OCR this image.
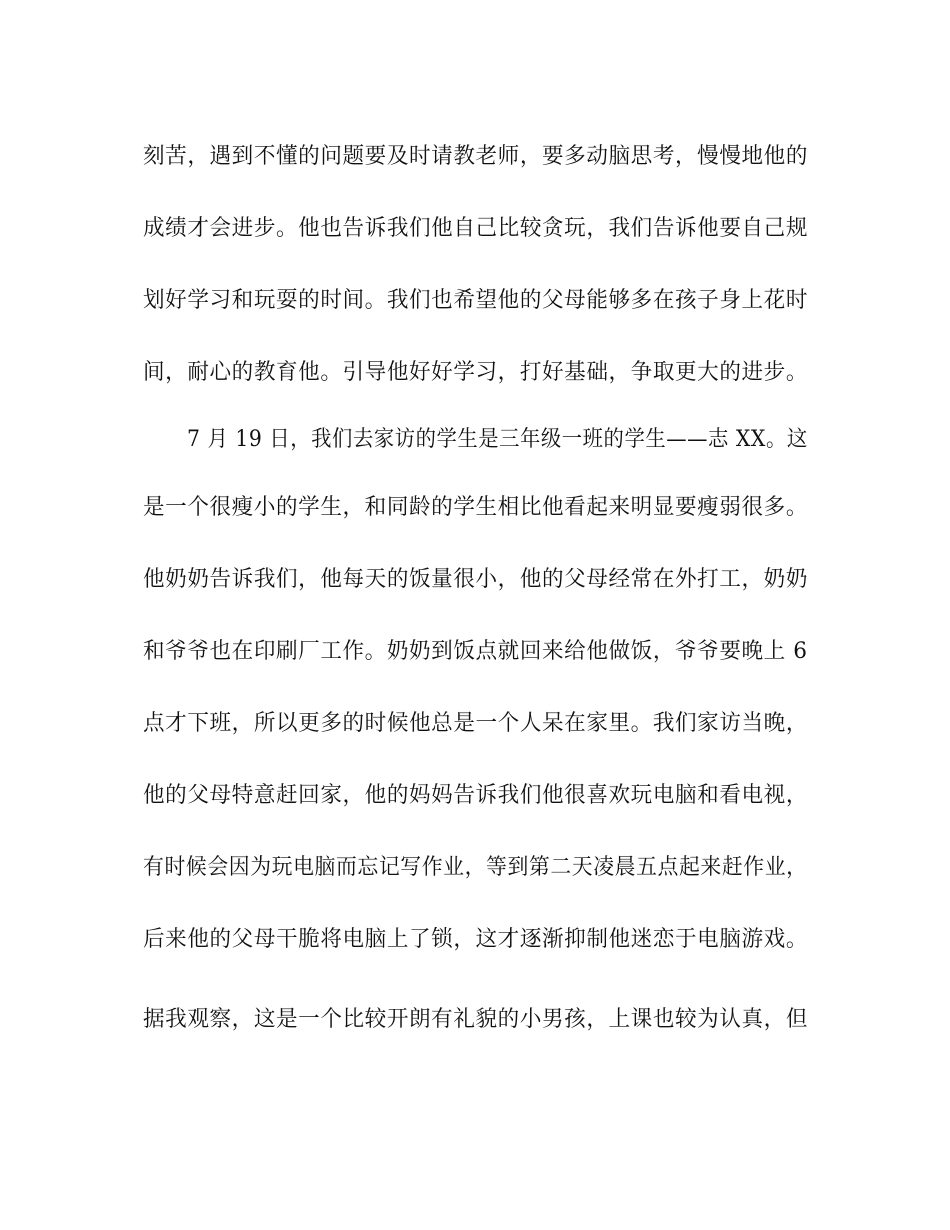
刻苦，遇到不懂的问题要及时请教老师，要多动脑思考，慢慢地他的
成绩才会进步。他也告诉我们他自己比较贪玩，我们告诉他要自己规
划好学习和玩耍的时间。我们也希望他的父母能够多在孩子身上花时
间，耐心的教育他。引导他好好学习，打好基础，争取更大的进步。
7 月 19 日，我们去家访的学生是三年级一班的学生——志 XX。这
是一个很瘦小的学生，和同龄的学生相比他看起来明显要瘦弱很多。
他奶奶告诉我们，他每天的饭量很小，他的父母经常在外打工，奶奶
和爷爷也在印刷厂工作。奶奶到饭点就回来给他做饭，爷爷要晚上 6
点才下班，所以更多的时候他总是一个人呆在家里。我们家访当晚，
他的父母特意赶回家，他的妈妈告诉我们他很喜欢玩电脑和看电视，
有时候会因为玩电脑而忘记写作业，等到第二天凌晨五点起来赶作业，
后来他的父母干脆将电脑上了锁，这才逐渐抑制他迷恋于电脑游戏。
据我观察，这是一个比较开朗有礼貌的小男孩，上课也较为认真，但
